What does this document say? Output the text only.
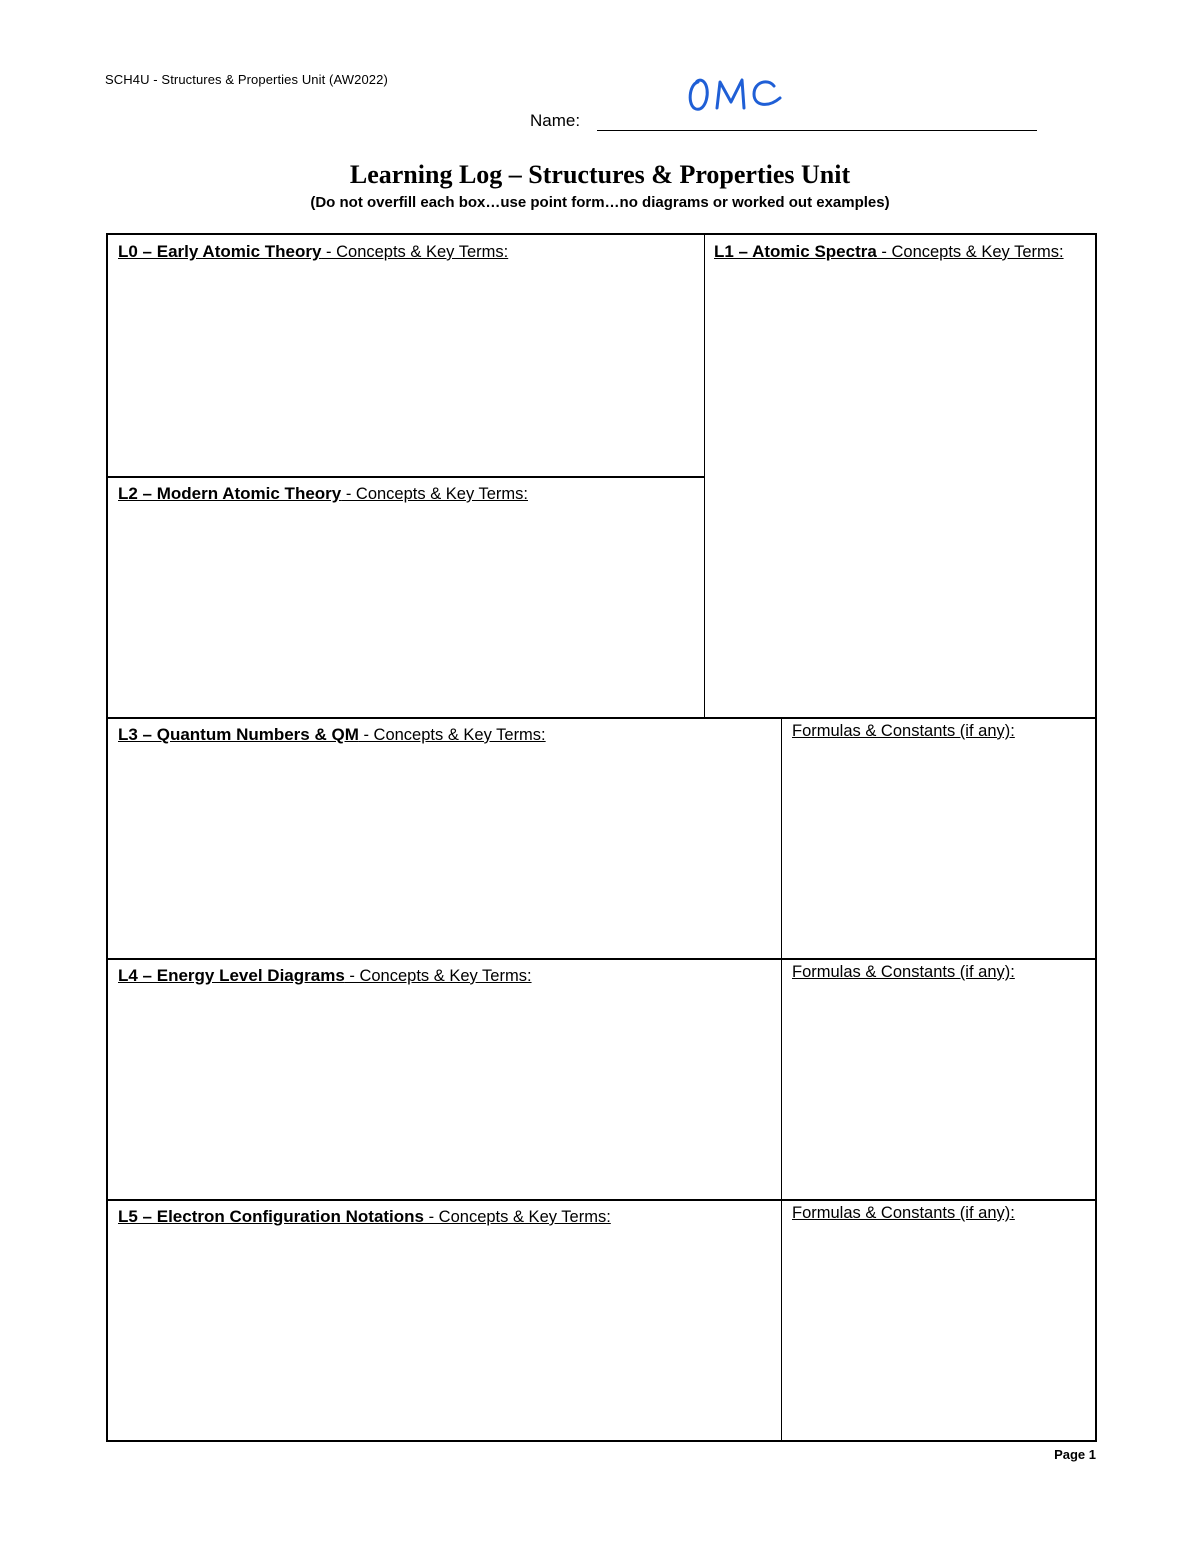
SCH4U - Structures & Properties Unit (AW2022)
Name:
Learning Log – Structures & Properties Unit
(Do not overfill each box…use point form…no diagrams or worked out examples)
L0 – Early Atomic Theory - Concepts & Key Terms:	L1 – Atomic Spectra - Concepts & Key Terms:
L2 – Modern Atomic Theory - Concepts & Key Terms:
L3 – Quantum Numbers & QM - Concepts & Key Terms:	Formulas & Constants (if any):
L4 – Energy Level Diagrams - Concepts & Key Terms:	Formulas & Constants (if any):
L5 – Electron Configuration Notations - Concepts & Key Terms:	Formulas & Constants (if any):
Page 1
